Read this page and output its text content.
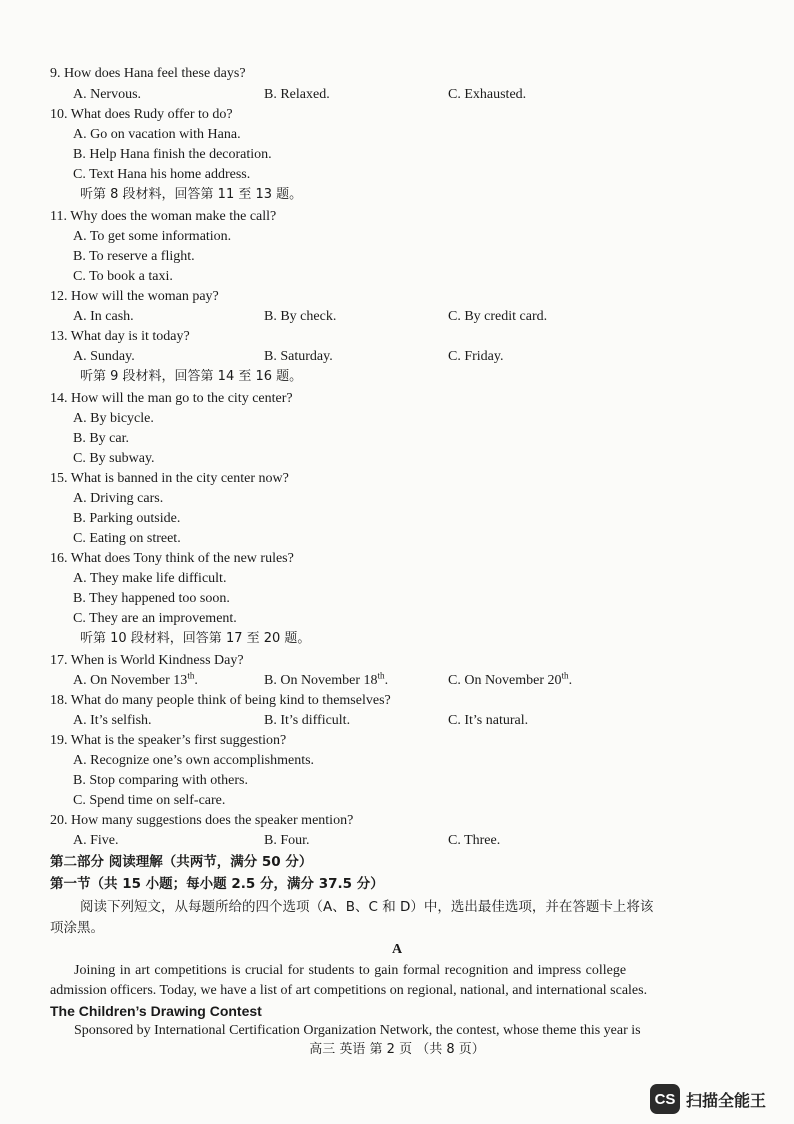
9. How does Hana feel these days?
A. Nervous.	B. Relaxed.	C. Exhausted.
10. What does Rudy offer to do?
A. Go on vacation with Hana.
B. Help Hana finish the decoration.
C. Text Hana his home address.
听第 8 段材料，回答第 11 至 13 题。
11. Why does the woman make the call?
A. To get some information.
B. To reserve a flight.
C. To book a taxi.
12. How will the woman pay?
A. In cash.	B. By check.	C. By credit card.
13. What day is it today?
A. Sunday.	B. Saturday.	C. Friday.
听第 9 段材料，回答第 14 至 16 题。
14. How will the man go to the city center?
A. By bicycle.
B. By car.
C. By subway.
15. What is banned in the city center now?
A. Driving cars.
B. Parking outside.
C. Eating on street.
16. What does Tony think of the new rules?
A. They make life difficult.
B. They happened too soon.
C. They are an improvement.
听第 10 段材料，回答第 17 至 20 题。
17. When is World Kindness Day?
A. On November 13th.	B. On November 18th.	C. On November 20th.
18. What do many people think of being kind to themselves?
A. It’s selfish.	B. It’s difficult.	C. It’s natural.
19. What is the speaker’s first suggestion?
A. Recognize one’s own accomplishments.
B. Stop comparing with others.
C. Spend time on self-care.
20. How many suggestions does the speaker mention?
A. Five.	B. Four.	C. Three.
第二部分 阅读理解（共两节，满分 50 分）
第一节（共 15 小题；每小题 2.5 分，满分 37.5 分）
阅读下列短文，从每题所给的四个选项（A、B、C 和 D）中，选出最佳选项，并在答题卡上将该
项涂黑。
A
Joining in art competitions is crucial for students to gain formal recognition and impress college
admission officers. Today, we have a list of art competitions on regional, national, and international scales.
The Children’s Drawing Contest
Sponsored by International Certification Organization Network, the contest, whose theme this year is
高三 英语 第 2 页 （共 8 页）
CS 扫描全能王
